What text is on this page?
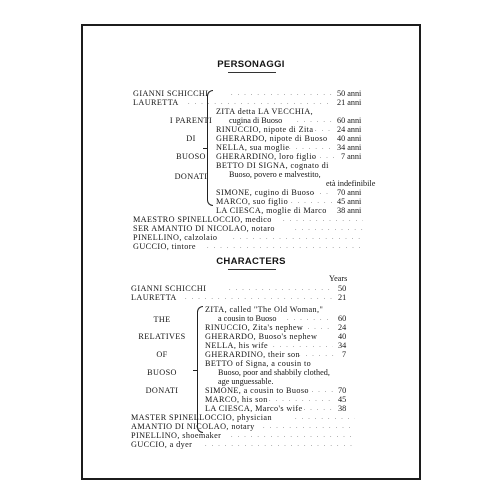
PERSONAGGI
GIANNI SCHICCHI . . .	50 anni
LAURETTA . . .	21 anni
I PARENTI
DI
BUOSO
DONATI
ZITA detta LA VECCHIA,
cugina di Buoso . . .	60 anni
RINUCCIO, nipote di Zita . . .	24 anni
GHERARDO, nipote di Buoso 40 anni
NELLA, sua moglie . . .	34 anni
GHERARDINO, loro figlio . . .	7 anni
BETTO DI SIGNA, cognato di
Buoso, povero e malvestito,
età indefinibile
SIMONE, cugino di Buoso . . .	70 anni
MARCO, suo figlio . . .	45 anni
LA CIESCA, moglie di Marco 38 anni
MAESTRO SPINELLOCCIO, medico
. . .
SER AMANTIO DI NICOLAO, notaro
. . .
PINELLINO, calzolaio
. . .
GUCCIO, tintore
. . .
CHARACTERS
Years
GIANNI SCHICCHI . . .	50
LAURETTA . . .	21
THE
RELATIVES
OF
BUOSO
DONATI
ZITA, called "The Old Woman,"
a cousin to Buoso . . .	60
RINUCCIO, Zita's nephew . . .	24
GHERARDO, Buoso's nephew	40
NELLA, his wife . . .	34
GHERARDINO, their son . . .	7
BETTO of Signa, a cousin to
Buoso, poor and shabbily clothed,
age unguessable.
SIMONE, a cousin to Buoso . . .	70
MARCO, his son . . .	45
LA CIESCA, Marco's wife . . .	38
MASTER SPINELLOCCIO, physician
. . .
AMANTIO DI NICOLAO, notary
. . .
PINELLINO, shoemaker
. . .
GUCCIO, a dyer
. . .
